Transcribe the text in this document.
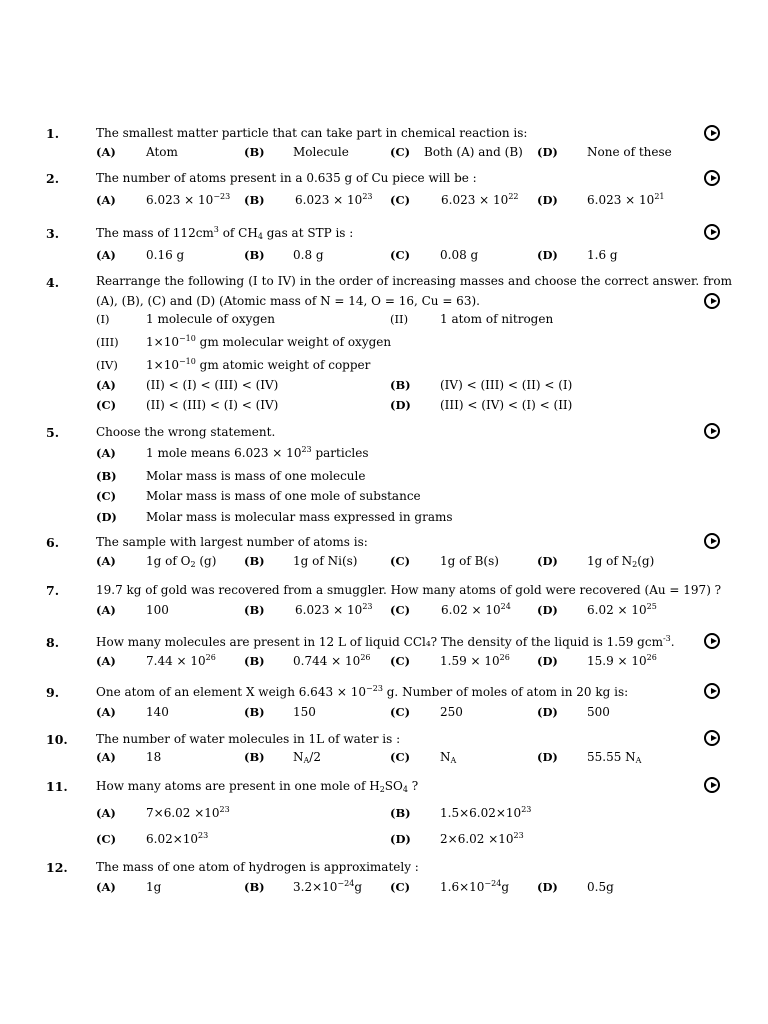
1.	The smallest matter particle that can take part in chemical reaction is:
(A)	Atom	(B) Molecule	(C) Both (A) and (B) (D) None of these
2.	The number of atoms present in a 0.635 g of Cu piece will be :
(A)	$6.023 \times 10^{-23}$ (B)	$6.023 \times 10^{23}$ (C)	$6.023 \times 10^{22}$ (D) $6.023 \times 10^{21}$
3.	The mass of $112cm^3$ of $CH_4$ gas at STP is :
(A)	0.16 g	(B) 0.8 g	(C) 0.08 g	(D) 1.6 g
4.	Rearrange the following (I to IV) in the order of increasing masses and choose the correct answer. from (A), (B), (C) and (D) (Atomic mass of N = 14, O = 16, Cu = 63).
(I)	1 molecule of oxygen	(II)	1 atom of nitrogen
(III) $1\times 10^{-10}$ gm molecular weight of oxygen
(IV) $1\times 10^{-10}$ gm atomic weight of copper
(A)	(II) < (I) < (III) < (IV)	(B) (IV) < (III) < (II) < (I)
(C) (II) < (III) < (I) < (IV)	(D) (III) < (IV) < (I) < (II)
5.	Choose the wrong statement.
(A)	1 mole means $6.023 \times 10^{23}$ particles
(B) Molar mass is mass of one molecule
(C) Molar mass is mass of one mole of substance
(D) Molar mass is molecular mass expressed in grams
6.	The sample with largest number of atoms is:
(A)	1g of $O_2$ (g) (B) 1g of Ni(s)	(C) 1g of B(s)	(D) 1g of $N_2(g)$
7.	19.7 kg of gold was recovered from a smuggler. How many atoms of gold were recovered (Au = 197) ?
(A)	100	(B)	$6.023 \times 10^{23}$ (C)	$6.02 \times 10^{24}$ (D) $6.02 \times 10^{25}$
8.	How many molecules are present in 12 L of liquid CCl₄? The density of the liquid is 1.59 gcm$^{-3}$.
(A)	$7.44 \times 10^{26}$ (B) $0.744 \times 10^{26}$ (C) $1.59 \times 10^{26}$ (D) $15.9 \times 10^{26}$
9.	One atom of an element X weigh $6.643 \times 10^{-23}$ g. Number of moles of atom in 20 kg is:
(A)	140	(B) 150	(C) 250	(D) 500
10. The number of water molecules in 1L of water is :
(A)	18	(B) $N_A/2$	(C) $N_A$	(D) 55.55 $N_A$
11. How many atoms are present in one mole of $H_2SO_4$ ?
(A)	$7\times 6.02 \times 10^{23}$	(B) $1.5\times 6.02\times 10^{23}$
(C) $6.02\times 10^{23}$	(D) $2\times 6.02 \times 10^{23}$
12. The mass of one atom of hydrogen is approximately :
(A)	1g	(B) $3.2\times 10^{-24}g$ (C) $1.6\times 10^{-24}g$ (D) 0.5g
